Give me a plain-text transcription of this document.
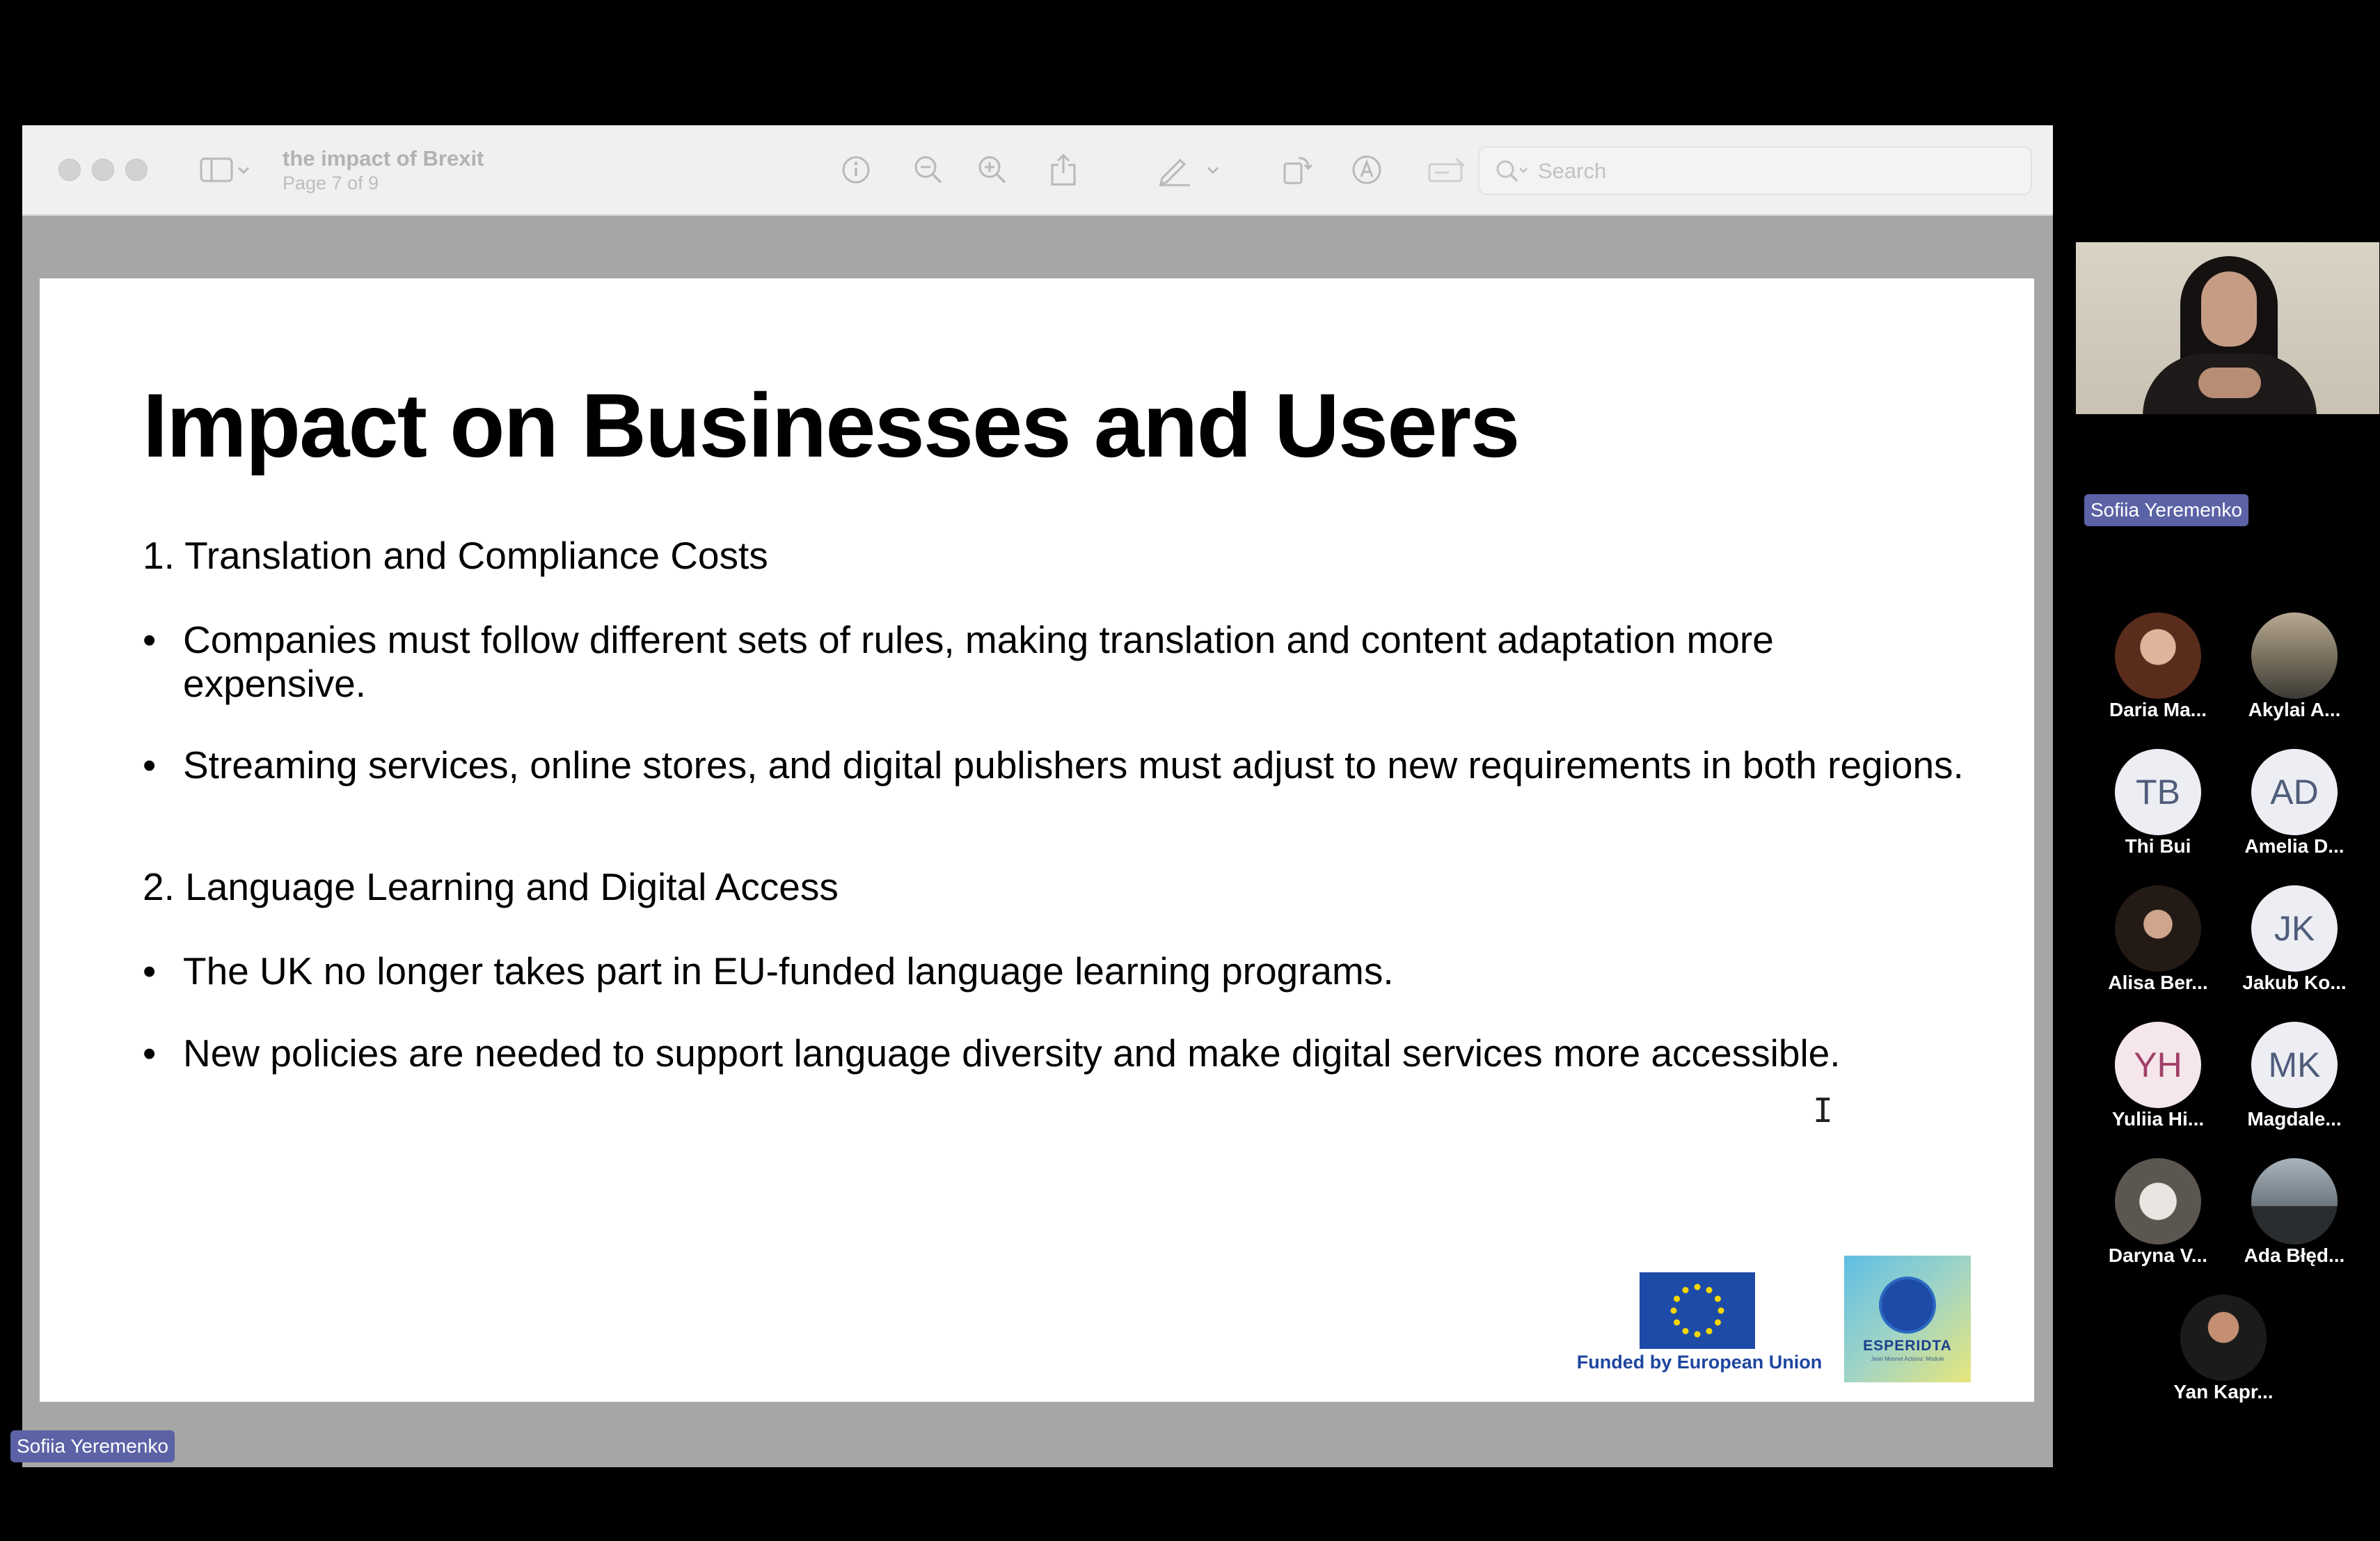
the impact of Brexit
Page 7 of 9
Search
Impact on Businesses and Users
1. Translation and Compliance Costs
• Companies must follow different sets of rules, making translation and content adaptation more expensive.
• Streaming services, online stores, and digital publishers must adjust to new requirements in both regions.
2. Language Learning and Digital Access
• The UK no longer takes part in EU-funded language learning programs.
• New policies are needed to support language diversity and make digital services more accessible.
Funded by European Union
ESPERIDTA
Jean Monnet Actions: Module
I
Sofiia Yeremenko
Sofiia Yeremenko
Daria Ma...	Akylai A...
TB
Thi Bui
AD
Amelia D...
Alisa Ber...
JK
Jakub Ko...
YH
Yuliia Hi...
MK
Magdale...
Daryna V...	Ada Błęd...
Yan Kapr...
